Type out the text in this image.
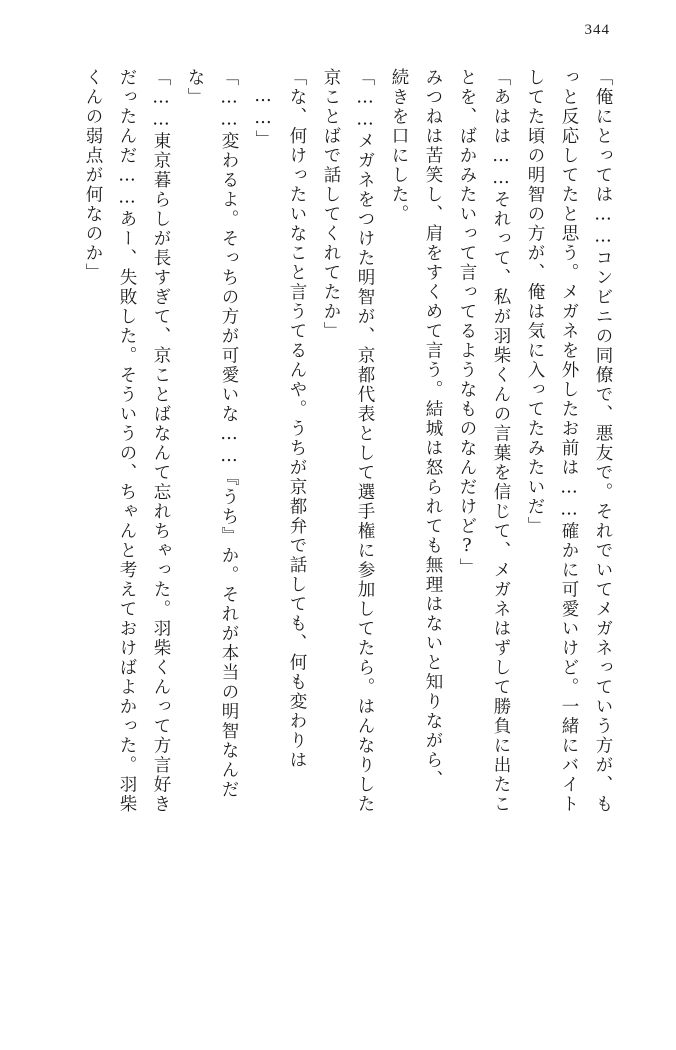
344
「俺にとっては……コンビニの同僚で、悪友で。それでいてメガネっていう方が、も
っと反応してたと思う。メガネを外したお前は……確かに可愛いけど。一緒にバイト
してた頃の明智の方が、俺は気に入ってたみたいだ」
「あはは……それって、私が羽柴くんの言葉を信じて、メガネはずして勝負に出たこ
とを、ばかみたいって言ってるようなものなんだけど?」
みつねは苦笑し、肩をすくめて言う。結城は怒られても無理はないと知りながら、
続きを口にした。
「……メガネをつけた明智が、京都代表として選手権に参加してたら。はんなりした
京ことばで話してくれてたか」
「な、何けったいなこと言うてるんや。うちが京都弁で話しても、何も変わりは
……」
「……変わるよ。そっちの方が可愛いな……『うち』か。それが本当の明智なんだ
な」
「……東京暮らしが長すぎて、京ことばなんて忘れちゃった。羽柴くんって方言好き
だったんだ……あー、失敗した。そういうの、ちゃんと考えておけばよかった。羽柴
くんの弱点が何なのか」
